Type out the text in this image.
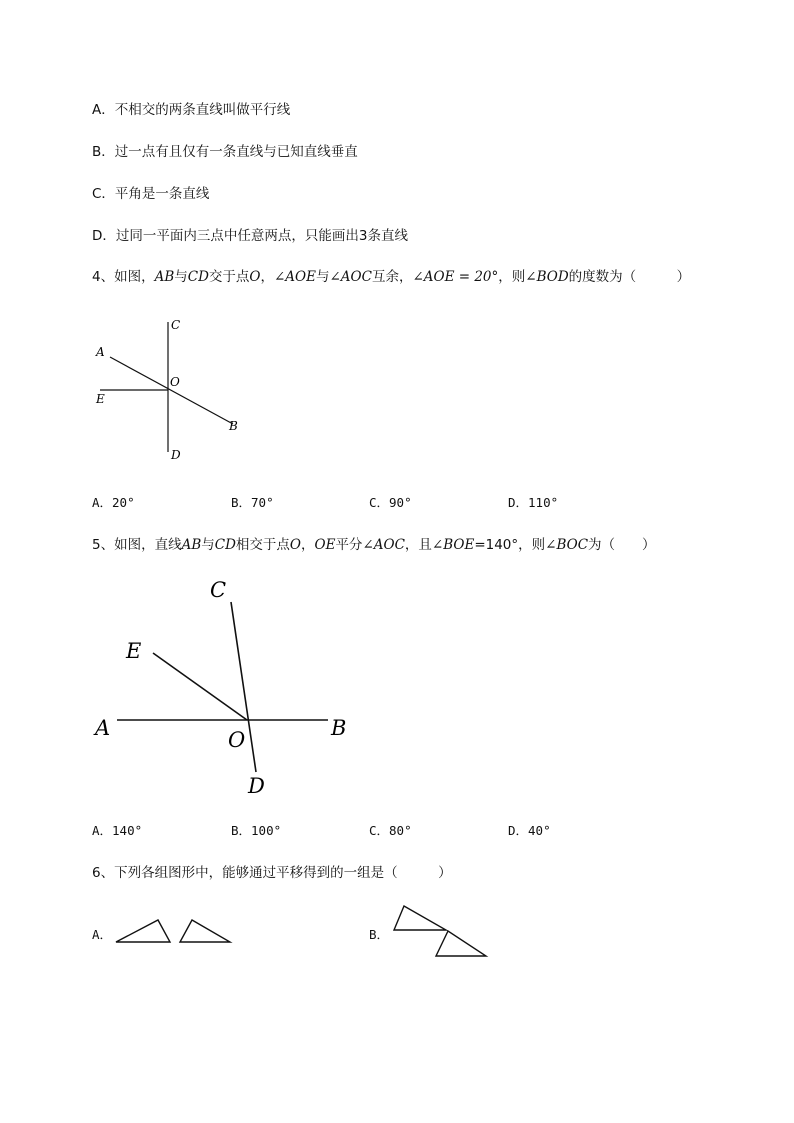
A．不相交的两条直线叫做平行线
B．过一点有且仅有一条直线与已知直线垂直
C．平角是一条直线
D．过同一平面内三点中任意两点，只能画出3条直线
4、如图，AB与CD交于点O，∠AOE与∠AOC互余，∠AOE = 20°，则∠BOD的度数为（　　　）
C
A
O
E
B
D
A．20°	B．70°	C．90°	D．110°
5、如图，直线AB与CD相交于点O，OE平分∠AOC，且∠BOE=140°，则∠BOC为（　　）
C
E
A	O	B
D
A．140°	B．100°	C．80°	D．40°
6、下列各组图形中，能够通过平移得到的一组是（　　　）
A．	B．
